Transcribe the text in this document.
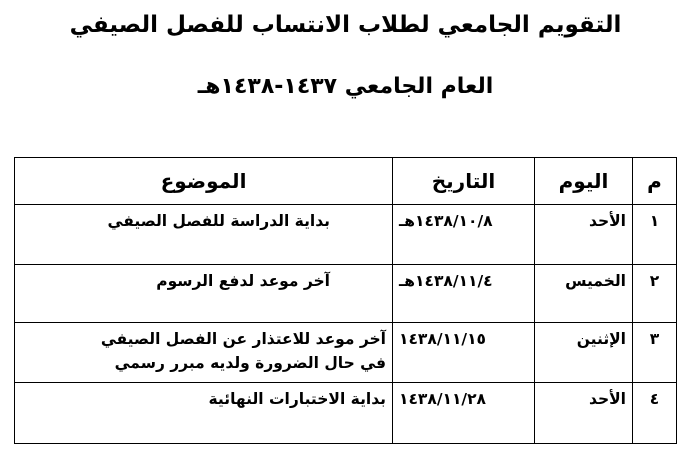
التقويم الجامعي لطلاب الانتساب للفصل الصيفي
العام الجامعي ١٤٣٧-١٤٣٨هـ
م	اليوم	التاريخ	الموضوع
١	الأحد	١٤٣٨/١٠/٨هـ	بداية الدراسة للفصل الصيفي

٢	الخميس	١٤٣٨/١١/٤هـ	آخر موعد لدفع الرسوم

٣	الإثنين	١٤٣٨/١١/١٥	آخر موعد للاعتذار عن الفصل الصيفي
في حال الضرورة ولديه مبرر رسمي

٤	الأحد	١٤٣٨/١١/٢٨	بداية الاختبارات النهائية
